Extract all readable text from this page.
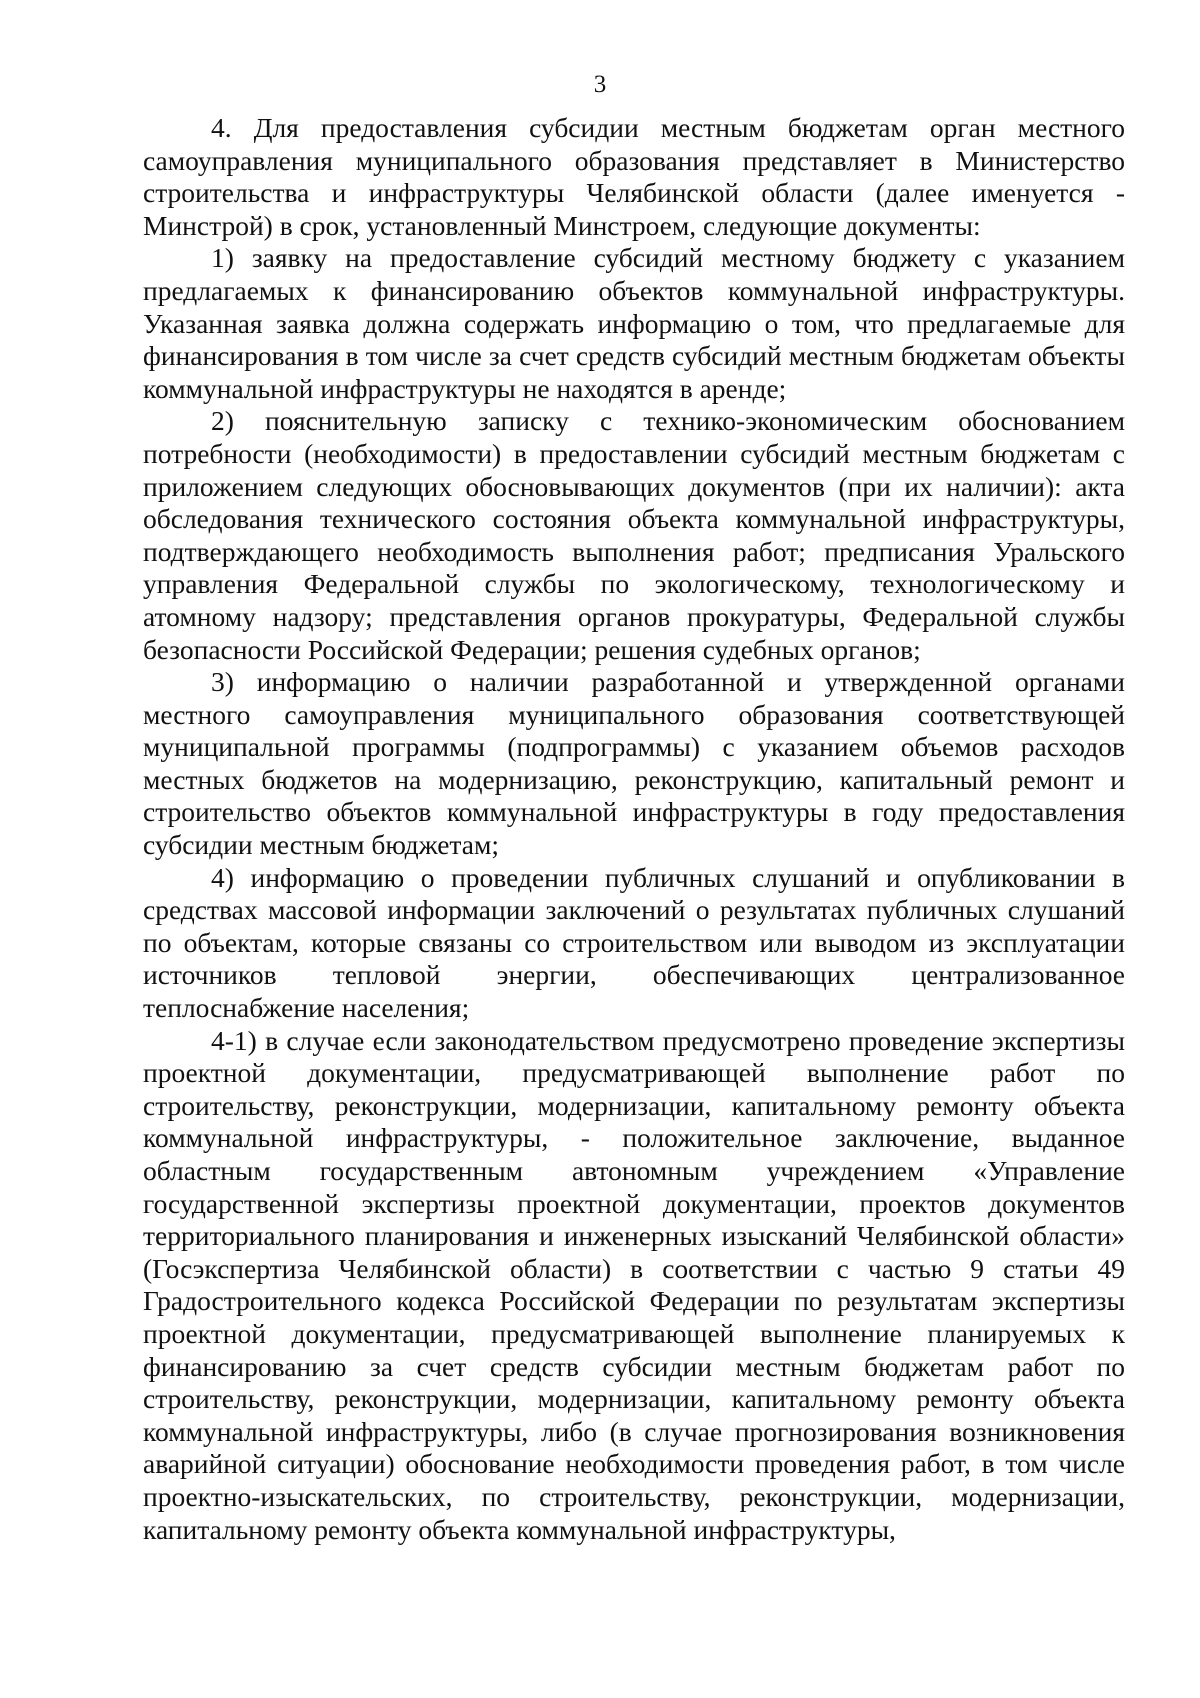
3

4. Для предоставления субсидии местным бюджетам орган местного самоуправления муниципального образования представляет в Министерство строительства и инфраструктуры Челябинской области (далее именуется - Минстрой) в срок, установленный Минстроем, следующие документы:

1) заявку на предоставление субсидий местному бюджету с указанием предлагаемых к финансированию объектов коммунальной инфраструктуры. Указанная заявка должна содержать информацию о том, что предлагаемые для финансирования в том числе за счет средств субсидий местным бюджетам объекты коммунальной инфраструктуры не находятся в аренде;

2) пояснительную записку с технико-экономическим обоснованием потребности (необходимости) в предоставлении субсидий местным бюджетам с приложением следующих обосновывающих документов (при их наличии): акта обследования технического состояния объекта коммунальной инфраструктуры, подтверждающего необходимость выполнения работ; предписания Уральского управления Федеральной службы по экологическому, технологическому и атомному надзору; представления органов прокуратуры, Федеральной службы безопасности Российской Федерации; решения судебных органов;

3) информацию о наличии разработанной и утвержденной органами местного самоуправления муниципального образования соответствующей муниципальной программы (подпрограммы) с указанием объемов расходов местных бюджетов на модернизацию, реконструкцию, капитальный ремонт и строительство объектов коммунальной инфраструктуры в году предоставления субсидии местным бюджетам;

4) информацию о проведении публичных слушаний и опубликовании в средствах массовой информации заключений о результатах публичных слушаний по объектам, которые связаны со строительством или выводом из эксплуатации источников тепловой энергии, обеспечивающих централизованное теплоснабжение населения;

4-1) в случае если законодательством предусмотрено проведение экспертизы проектной документации, предусматривающей выполнение работ по строительству, реконструкции, модернизации, капитальному ремонту объекта коммунальной инфраструктуры, - положительное заключение, выданное областным государственным автономным учреждением «Управление государственной экспертизы проектной документации, проектов документов территориального планирования и инженерных изысканий Челябинской области» (Госэкспертиза Челябинской области) в соответствии с частью 9 статьи 49 Градостроительного кодекса Российской Федерации по результатам экспертизы проектной документации, предусматривающей выполнение планируемых к финансированию за счет средств субсидии местным бюджетам работ по строительству, реконструкции, модернизации, капитальному ремонту объекта коммунальной инфраструктуры, либо (в случае прогнозирования возникновения аварийной ситуации) обоснование необходимости проведения работ, в том числе проектно-изыскательских, по строительству, реконструкции, модернизации, капитальному ремонту объекта коммунальной инфраструктуры,
